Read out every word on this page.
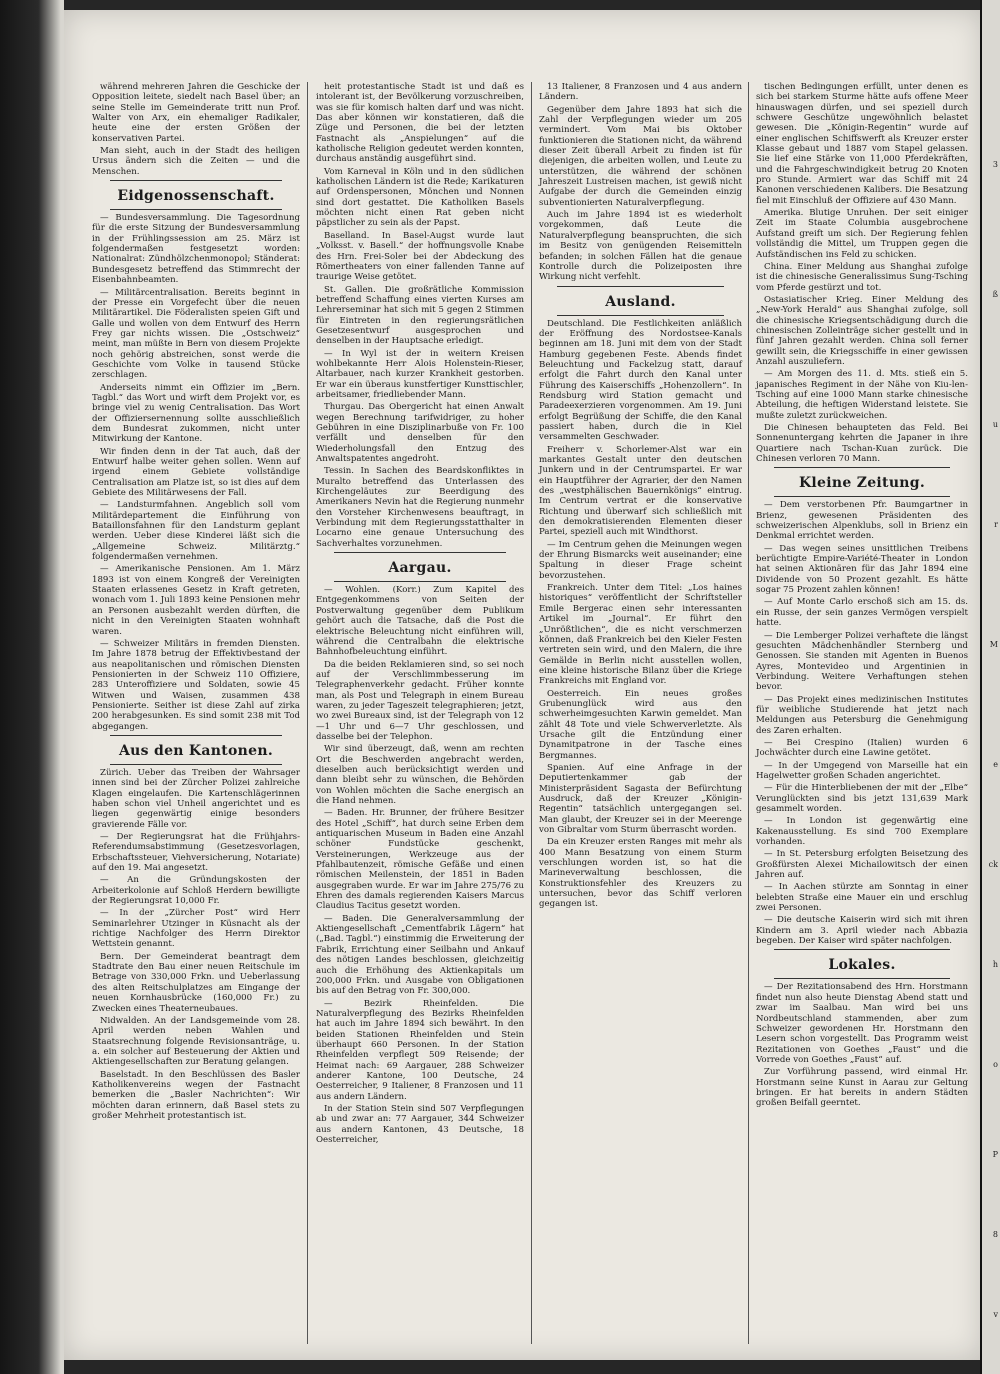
während mehreren Jahren die Geschicke der Opposition leitete, siedelt nach Basel über; an seine Stelle im Gemeinderate tritt nun Prof. Walter von Arx, ein ehemaliger Radikaler, heute eine der ersten Größen der konservativen Partei.

Man sieht, auch in der Stadt des heiligen Ursus ändern sich die Zeiten — und die Menschen.

Eidgenossenschaft.

— Bundesversammlung. Die Tagesordnung für die erste Sitzung der Bundesversammlung in der Frühlingssession am 25. März ist folgendermaßen festgesetzt worden: Nationalrat: Zündhölzchenmonopol; Ständerat: Bundesgesetz betreffend das Stimmrecht der Eisenbahnbeamten.

— Militärcentralisation. Bereits beginnt in der Presse ein Vorgefecht über die neuen Militärartikel. Die Föderalisten speien Gift und Galle und wollen von dem Entwurf des Herrn Frey gar nichts wissen. Die „Ostschweiz“ meint, man müßte in Bern von diesem Projekte noch gehörig abstreichen, sonst werde die Geschichte vom Volke in tausend Stücke zerschlagen.

Anderseits nimmt ein Offizier im „Bern. Tagbl.“ das Wort und wirft dem Projekt vor, es bringe viel zu wenig Centralisation. Das Wort der Offiziersernennung sollte ausschließlich dem Bundesrat zukommen, nicht unter Mitwirkung der Kantone.

Wir finden denn in der Tat auch, daß der Entwurf halbe weiter gehen sollen. Wenn auf irgend einem Gebiete vollständige Centralisation am Platze ist, so ist dies auf dem Gebiete des Militärwesens der Fall.

— Landsturmfahnen. Angeblich soll vom Militärdepartement die Einführung von Bataillonsfahnen für den Landsturm geplant werden. Ueber diese Kinderei läßt sich die „Allgemeine Schweiz. Militärztg.“ folgendermaßen vernehmen.

— Amerikanische Pensionen. Am 1. März 1893 ist von einem Kongreß der Vereinigten Staaten erlassenes Gesetz in Kraft getreten, wonach vom 1. Juli 1893 keine Pensionen mehr an Personen ausbezahlt werden dürften, die nicht in den Vereinigten Staaten wohnhaft waren.

— Schweizer Militärs in fremden Diensten. Im Jahre 1878 betrug der Effektivbestand der aus neapolitanischen und römischen Diensten Pensionierten in der Schweiz 110 Offiziere, 283 Unteroffiziere und Soldaten, sowie 45 Witwen und Waisen, zusammen 438 Pensionierte. Seither ist diese Zahl auf zirka 200 herabgesunken. Es sind somit 238 mit Tod abgegangen.

Aus den Kantonen.

Zürich. Ueber das Treiben der Wahrsager innen sind bei der Zürcher Polizei zahlreiche Klagen eingelaufen. Die Kartenschlägerinnen haben schon viel Unheil angerichtet und es liegen gegenwärtig einige besonders gravierende Fälle vor.

— Der Regierungsrat hat die Frühjahrs-Referendumsabstimmung (Gesetzesvorlagen, Erbschaftssteuer, Viehversicherung, Notariate) auf den 19. Mai angesetzt.

— An die Gründungskosten der Arbeiterkolonie auf Schloß Herdern bewilligte der Regierungsrat 10,000 Fr.

— In der „Zürcher Post“ wird Herr Seminarlehrer Utzinger in Küsnacht als der richtige Nachfolger des Herrn Direktor Wettstein genannt.

Bern. Der Gemeinderat beantragt dem Stadtrate den Bau einer neuen Reitschule im Betrage von 330,000 Frkn. und Ueberlassung des alten Reitschulplatzes am Eingange der neuen Kornhausbrücke (160,000 Fr.) zu Zwecken eines Theaterneubaues.

Nidwalden. An der Landsgemeinde vom 28. April werden neben Wahlen und Staatsrechnung folgende Revisionsanträge, u. a. ein solcher auf Besteuerung der Aktien und Aktiengesellschaften zur Beratung gelangen.

Baselstadt. In den Beschlüssen des Basler Katholikenvereins wegen der Fastnacht bemerken die „Basler Nachrichten“: Wir möchten daran erinnern, daß Basel stets zu großer Mehrheit protestantisch ist.

heit protestantische Stadt ist und daß es intolerant ist, der Bevölkerung vorzuschreiben, was sie für komisch halten darf und was nicht. Das aber können wir konstatieren, daß die Züge und Personen, die bei der letzten Fastnacht als „Anspielungen“ auf die katholische Religion gedeutet werden konnten, durchaus anständig ausgeführt sind.

Vom Karneval in Köln und in den südlichen katholischen Ländern ist die Rede; Karikaturen auf Ordenspersonen, Mönchen und Nonnen sind dort gestattet. Die Katholiken Basels möchten nicht einen Rat geben nicht päpstlicher zu sein als der Papst.

Baselland. In Basel-Augst wurde laut „Volksst. v. Basell.“ der hoffnungsvolle Knabe des Hrn. Frei-Soler bei der Abdeckung des Römertheaters von einer fallenden Tanne auf traurige Weise getötet.

St. Gallen. Die großrätliche Kommission betreffend Schaffung eines vierten Kurses am Lehrerseminar hat sich mit 5 gegen 2 Stimmen für Eintreten in den regierungsrätlichen Gesetzesentwurf ausgesprochen und denselben in der Hauptsache erledigt.

— In Wyl ist der in weitern Kreisen wohlbekannte Herr Alois Holenstein-Rieser, Altarbauer, nach kurzer Krankheit gestorben. Er war ein überaus kunstfertiger Kunsttischler, arbeitsamer, friedliebender Mann.

Thurgau. Das Obergericht hat einen Anwalt wegen Berechnung tarifwidriger, zu hoher Gebühren in eine Disziplinarbuße von Fr. 100 verfällt und denselben für den Wiederholungsfall den Entzug des Anwaltspatentes angedroht.

Tessin. In Sachen des Beardskonfliktes in Muralto betreffend das Unterlassen des Kirchengeläutes zur Beerdigung des Amerikaners Nevin hat die Regierung nunmehr den Vorsteher Kirchenwesens beauftragt, in Verbindung mit dem Regierungsstatthalter in Locarno eine genaue Untersuchung des Sachverhaltes vorzunehmen.

Aargau.

— Wohlen. (Korr.) Zum Kapitel des Entgegenkommens von Seiten der Postverwaltung gegenüber dem Publikum gehört auch die Tatsache, daß die Post die elektrische Beleuchtung nicht einführen will, während die Centralbahn die elektrische Bahnhofbeleuchtung einführt.

Da die beiden Reklamieren sind, so sei noch auf der Verschlimmbesserung im Telegraphenverkehr gedacht. Früher konnte man, als Post und Telegraph in einem Bureau waren, zu jeder Tageszeit telegraphieren; jetzt, wo zwei Bureaux sind, ist der Telegraph von 12—1 Uhr und 6—7 Uhr geschlossen, und dasselbe bei der Telephon.

Wir sind überzeugt, daß, wenn am rechten Ort die Beschwerden angebracht werden, dieselben auch berücksichtigt werden und dann bleibt sehr zu wünschen, die Behörden von Wohlen möchten die Sache energisch an die Hand nehmen.

— Baden. Hr. Brunner, der frühere Besitzer des Hotel „Schiff“, hat durch seine Erben dem antiquarischen Museum in Baden eine Anzahl schöner Fundstücke geschenkt, Versteinerungen, Werkzeuge aus der Pfahlbautenzeit, römische Gefäße und einen römischen Meilenstein, der 1851 in Baden ausgegraben wurde. Er war im Jahre 275/76 zu Ehren des damals regierenden Kaisers Marcus Claudius Tacitus gesetzt worden.

— Baden. Die Generalversammlung der Aktiengesellschaft „Cementfabrik Lägern“ hat („Bad. Tagbl.“) einstimmig die Erweiterung der Fabrik, Errichtung einer Seilbahn und Ankauf des nötigen Landes beschlossen, gleichzeitig auch die Erhöhung des Aktienkapitals um 200,000 Frkn. und Ausgabe von Obligationen bis auf den Betrag von Fr. 300,000.

— Bezirk Rheinfelden. Die Naturalverpflegung des Bezirks Rheinfelden hat auch im Jahre 1894 sich bewährt. In den beiden Stationen Rheinfelden und Stein überhaupt 660 Personen. In der Station Rheinfelden verpflegt 509 Reisende; der Heimat nach: 69 Aargauer, 288 Schweizer anderer Kantone, 100 Deutsche, 24 Oesterreicher, 9 Italiener, 8 Franzosen und 11 aus andern Ländern.

In der Station Stein sind 507 Verpflegungen ab und zwar an: 77 Aargauer, 344 Schweizer aus andern Kantonen, 43 Deutsche, 18 Oesterreicher,

13 Italiener, 8 Franzosen und 4 aus andern Ländern.

Gegenüber dem Jahre 1893 hat sich die Zahl der Verpflegungen wieder um 205 vermindert. Vom Mai bis Oktober funktionieren die Stationen nicht, da während dieser Zeit überall Arbeit zu finden ist für diejenigen, die arbeiten wollen, und Leute zu unterstützen, die während der schönen Jahreszeit Lustreisen machen, ist gewiß nicht Aufgabe der durch die Gemeinden einzig subventionierten Naturalverpflegung.

Auch im Jahre 1894 ist es wiederholt vorgekommen, daß Leute die Naturalverpflegung beanspruchten, die sich im Besitz von genügenden Reisemitteln befanden; in solchen Fällen hat die genaue Kontrolle durch die Polizeiposten ihre Wirkung nicht verfehlt.

Ausland.

Deutschland. Die Festlichkeiten anläßlich der Eröffnung des Nordostsee-Kanals beginnen am 18. Juni mit dem von der Stadt Hamburg gegebenen Feste. Abends findet Beleuchtung und Fackelzug statt, darauf erfolgt die Fahrt durch den Kanal unter Führung des Kaiserschiffs „Hohenzollern“. In Rendsburg wird Station gemacht und Paradeexerzieren vorgenommen. Am 19. Juni erfolgt Begrüßung der Schiffe, die den Kanal passiert haben, durch die in Kiel versammelten Geschwader.

Freiherr v. Schorlemer-Alst war ein markantes Gestalt unter den deutschen Junkern und in der Centrumspartei. Er war ein Hauptführer der Agrarier, der den Namen des „westphälischen Bauernkönigs“ eintrug. Im Centrum vertrat er die konservative Richtung und überwarf sich schließlich mit den demokratisierenden Elementen dieser Partei, speziell auch mit Windthorst.

— Im Centrum gehen die Meinungen wegen der Ehrung Bismarcks weit auseinander; eine Spaltung in dieser Frage scheint bevorzustehen.

Frankreich. Unter dem Titel: „Los haines historiques“ veröffentlicht der Schriftsteller Emile Bergerac einen sehr interessanten Artikel im „Journal“. Er führt den „Unrößtlichen“, die es nicht verschmerzen können, daß Frankreich bei den Kieler Festen vertreten sein wird, und den Malern, die ihre Gemälde in Berlin nicht ausstellen wollen, eine kleine historische Bilanz über die Kriege Frankreichs mit England vor.

Oesterreich. Ein neues großes Grubenunglück wird aus den schwerheimgesuchten Karwin gemeldet. Man zählt 48 Tote und viele Schwerverletzte. Als Ursache gilt die Entzündung einer Dynamitpatrone in der Tasche eines Bergmannes.

Spanien. Auf eine Anfrage in der Deputiertenkammer gab der Ministerpräsident Sagasta der Befürchtung Ausdruck, daß der Kreuzer „Königin-Regentin“ tatsächlich untergegangen sei. Man glaubt, der Kreuzer sei in der Meerenge von Gibraltar vom Sturm überrascht worden.

Da ein Kreuzer ersten Ranges mit mehr als 400 Mann Besatzung von einem Sturm verschlungen worden ist, so hat die Marineverwaltung beschlossen, die Konstruktionsfehler des Kreuzers zu untersuchen, bevor das Schiff verloren gegangen ist.

tischen Bedingungen erfüllt, unter denen es sich bei starkem Sturme hätte aufs offene Meer hinauswagen dürfen, und sei speziell durch schwere Geschütze ungewöhnlich belastet gewesen. Die „Königin-Regentin“ wurde auf einer englischen Schiffswerft als Kreuzer erster Klasse gebaut und 1887 vom Stapel gelassen. Sie lief eine Stärke von 11,000 Pferdekräften, und die Fahrgeschwindigkeit betrug 20 Knoten pro Stunde. Armiert war das Schiff mit 24 Kanonen verschiedenen Kalibers. Die Besatzung fiel mit Einschluß der Offiziere auf 430 Mann.

Amerika. Blutige Unruhen. Der seit einiger Zeit im Staate Columbia ausgebrochene Aufstand greift um sich. Der Regierung fehlen vollständig die Mittel, um Truppen gegen die Aufständischen ins Feld zu schicken.

China. Einer Meldung aus Shanghai zufolge ist die chinesische Generalissimus Sung-Tsching vom Pferde gestürzt und tot.

Ostasiatischer Krieg. Einer Meldung des „New-York Herald“ aus Shanghai zufolge, soll die chinesische Kriegsentschädigung durch die chinesischen Zolleinträge sicher gestellt und in fünf Jahren gezahlt werden. China soll ferner gewillt sein, die Kriegsschiffe in einer gewissen Anzahl auszuliefern.

— Am Morgen des 11. d. Mts. stieß ein 5. japanisches Regiment in der Nähe von Kiu-len-Tsching auf eine 1000 Mann starke chinesische Abteilung, die heftigen Widerstand leistete. Sie mußte zuletzt zurückweichen.

Die Chinesen behaupteten das Feld. Bei Sonnenuntergang kehrten die Japaner in ihre Quartiere nach Tschan-Kuan zurück. Die Chinesen verloren 70 Mann.

Kleine Zeitung.

— Dem verstorbenen Pfr. Baumgartner in Brienz, gewesenen Präsidenten des schweizerischen Alpenklubs, soll in Brienz ein Denkmal errichtet werden.

— Das wegen seines unsittlichen Treibens berüchtigte Empire-Variété-Theater in London hat seinen Aktionären für das Jahr 1894 eine Dividende von 50 Prozent gezahlt. Es hätte sogar 75 Prozent zahlen können!

— Auf Monte Carlo erschoß sich am 15. ds. ein Russe, der sein ganzes Vermögen verspielt hatte.

— Die Lemberger Polizei verhaftete die längst gesuchten Mädchenhändler Sternberg und Genossen. Sie standen mit Agenten in Buenos Ayres, Montevideo und Argentinien in Verbindung. Weitere Verhaftungen stehen bevor.

— Das Projekt eines medizinischen Institutes für weibliche Studierende hat jetzt nach Meldungen aus Petersburg die Genehmigung des Zaren erhalten.

— Bei Crespino (Italien) wurden 6 Jochwächter durch eine Lawine getötet.

— In der Umgegend von Marseille hat ein Hagelwetter großen Schaden angerichtet.

— Für die Hinterbliebenen der mit der „Elbe“ Verunglückten sind bis jetzt 131,639 Mark gesammelt worden.

— In London ist gegenwärtig eine Kakenausstellung. Es sind 700 Exemplare vorhanden.

— In St. Petersburg erfolgten Beisetzung des Großfürsten Alexei Michailowitsch der einen Jahren auf.

— In Aachen stürzte am Sonntag in einer belebten Straße eine Mauer ein und erschlug zwei Personen.

— Die deutsche Kaiserin wird sich mit ihren Kindern am 3. April wieder nach Abbazia begeben. Der Kaiser wird später nachfolgen.

Lokales.

— Der Rezitationsabend des Hrn. Horstmann findet nun also heute Dienstag Abend statt und zwar im Saalbau. Man wird bei uns Nordbeutschland stammenden, aber zum Schweizer gewordenen Hr. Horstmann den Lesern schon vorgestellt. Das Programm weist Rezitationen von Goethes „Faust“ und die Vorrede von Goethes „Faust“ auf.

Zur Vorführung passend, wird einmal Hr. Horstmann seine Kunst in Aarau zur Geltung bringen. Er hat bereits in andern Städten großen Beifall geerntet.

3
ß
u
r
M
e
ck
h
o
P
8
v
